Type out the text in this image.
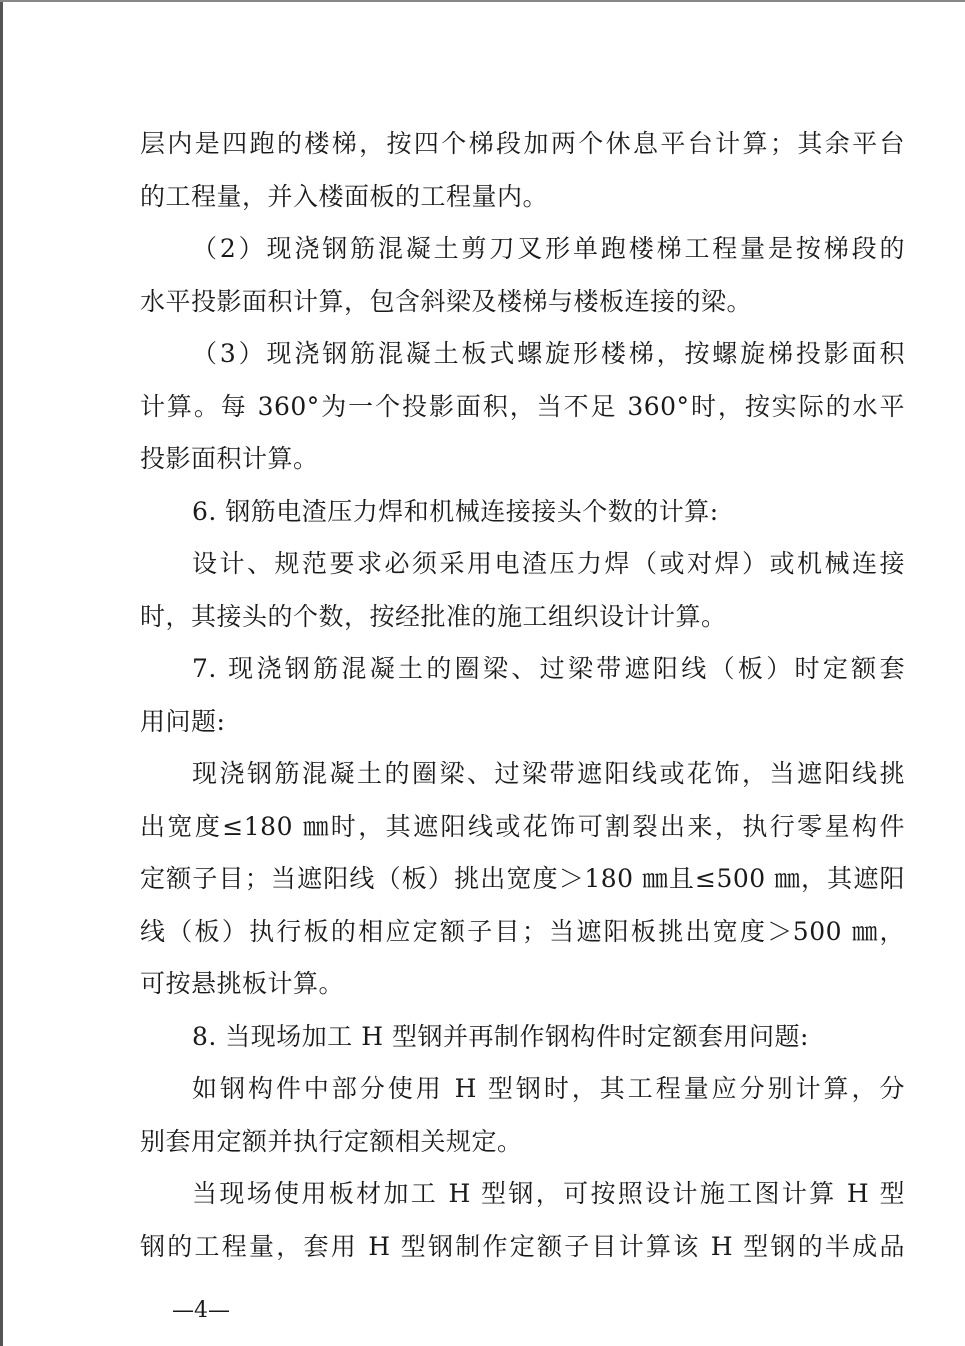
层内是四跑的楼梯，按四个梯段加两个休息平台计算；其余平台
的工程量，并入楼面板的工程量内。
（2）现浇钢筋混凝土剪刀叉形单跑楼梯工程量是按梯段的
水平投影面积计算，包含斜梁及楼梯与楼板连接的梁。
（3）现浇钢筋混凝土板式螺旋形楼梯，按螺旋梯投影面积
计算。每 360°为一个投影面积，当不足 360°时，按实际的水平
投影面积计算。
6. 钢筋电渣压力焊和机械连接接头个数的计算:
设计、规范要求必须采用电渣压力焊（或对焊）或机械连接
时，其接头的个数，按经批准的施工组织设计计算。
7. 现浇钢筋混凝土的圈梁、过梁带遮阳线（板）时定额套
用问题:
现浇钢筋混凝土的圈梁、过梁带遮阳线或花饰，当遮阳线挑
出宽度≤180 ㎜时，其遮阳线或花饰可割裂出来，执行零星构件
定额子目；当遮阳线（板）挑出宽度＞180 ㎜且≤500 ㎜，其遮阳
线（板）执行板的相应定额子目；当遮阳板挑出宽度＞500 ㎜，
可按悬挑板计算。
8. 当现场加工 H 型钢并再制作钢构件时定额套用问题:
如钢构件中部分使用 H 型钢时，其工程量应分别计算，分
别套用定额并执行定额相关规定。
当现场使用板材加工 H 型钢，可按照设计施工图计算 H 型
钢的工程量，套用 H 型钢制作定额子目计算该 H 型钢的半成品
—4—
